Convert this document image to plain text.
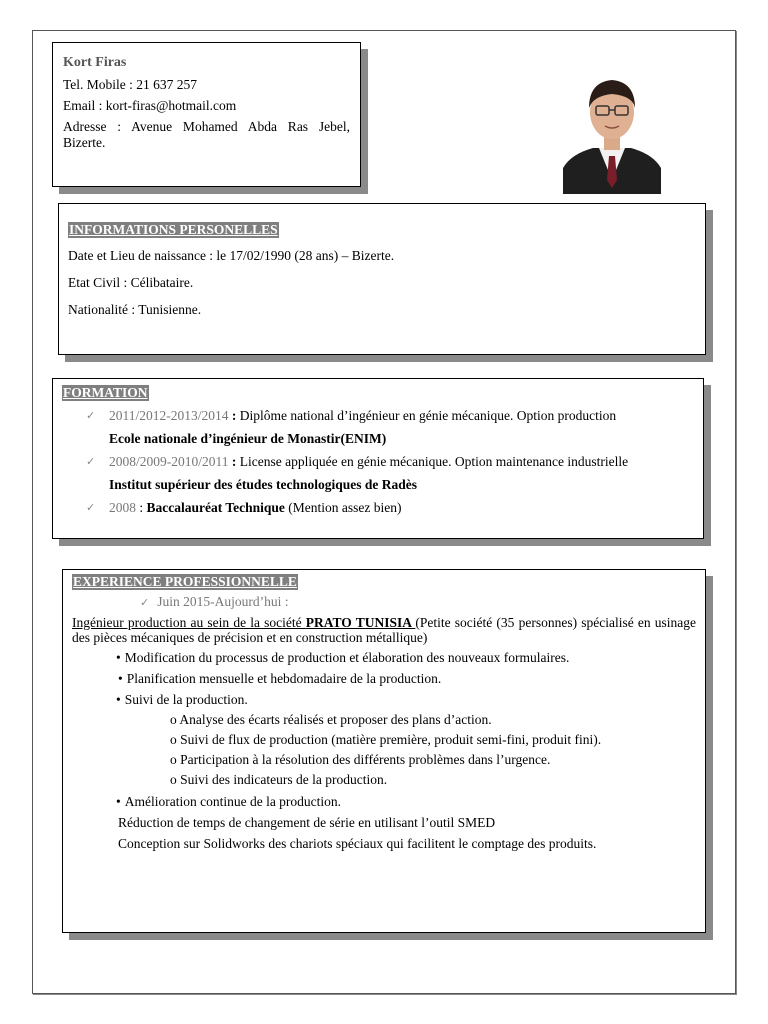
Kort Firas
Tel. Mobile : 21 637 257
Email : kort-firas@hotmail.com
Adresse : Avenue Mohamed Abda Ras Jebel, Bizerte.
INFORMATIONS PERSONELLES
Date et Lieu de naissance : le 17/02/1990 (28 ans) – Bizerte.
Etat Civil : Célibataire.
Nationalité : Tunisienne.
FORMATION
✓ 2011/2012-2013/2014 : Diplôme national d’ingénieur en génie mécanique. Option production
Ecole nationale d’ingénieur de Monastir(ENIM)
✓ 2008/2009-2010/2011 : License appliquée en génie mécanique. Option maintenance industrielle
Institut supérieur des études technologiques de Radès
✓ 2008 : Baccalauréat Technique (Mention assez bien)
EXPERIENCE PROFESSIONNELLE
✓ Juin 2015-Aujourd’hui :
Ingénieur production au sein de la société PRATO TUNISIA (Petite société (35 personnes) spécialisé en usinage des pièces mécaniques de précision et en construction métallique)
• Modification du processus de production et élaboration des nouveaux formulaires.
• Planification mensuelle et hebdomadaire de la production.
• Suivi de la production.
o Analyse des écarts réalisés et proposer des plans d’action.
o Suivi de flux de production (matière première, produit semi-fini, produit fini).
o Participation à la résolution des différents problèmes dans l’urgence.
o Suivi des indicateurs de la production.
• Amélioration continue de la production.
Réduction de temps de changement de série en utilisant l’outil SMED
Conception sur Solidworks des chariots spéciaux qui facilitent le comptage des produits.
